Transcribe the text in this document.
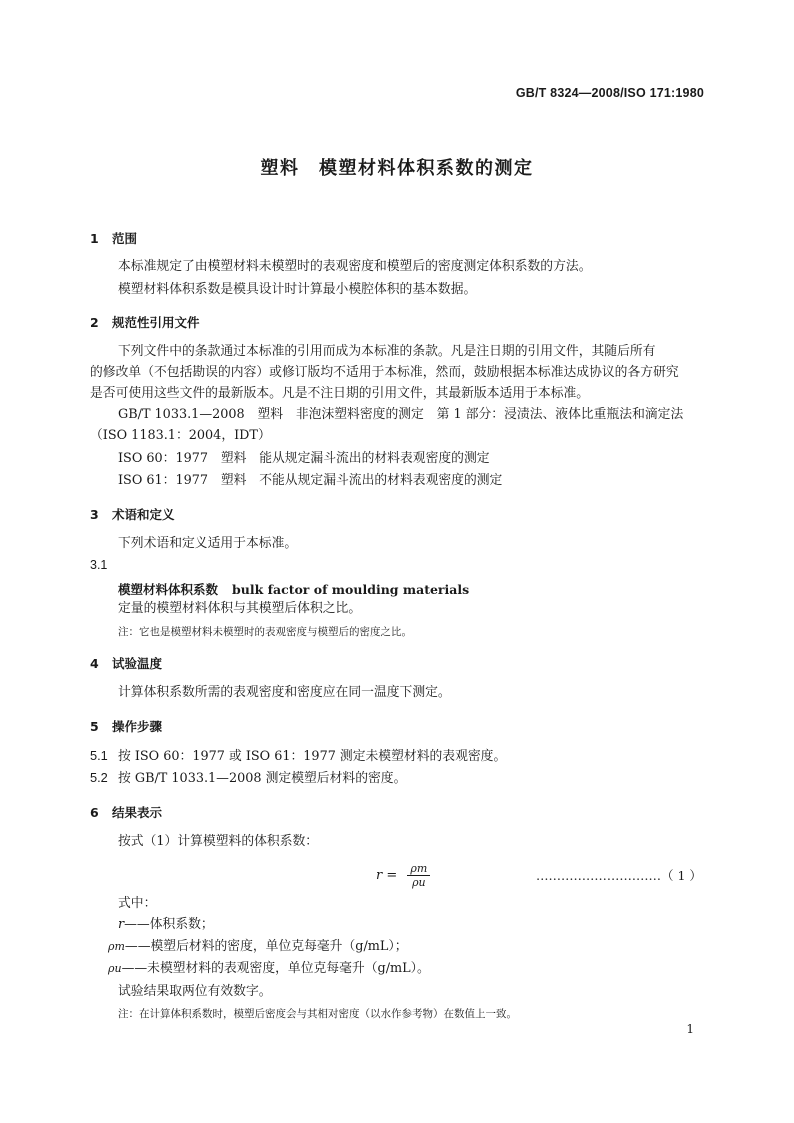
GB/T 8324—2008/ISO 171:1980
塑料　模塑材料体积系数的测定
1 范围
本标准规定了由模塑材料未模塑时的表观密度和模塑后的密度测定体积系数的方法。
模塑材料体积系数是模具设计时计算最小模腔体积的基本数据。
2 规范性引用文件
下列文件中的条款通过本标准的引用而成为本标准的条款。凡是注日期的引用文件，其随后所有
的修改单（不包括勘误的内容）或修订版均不适用于本标准，然而，鼓励根据本标准达成协议的各方研究
是否可使用这些文件的最新版本。凡是不注日期的引用文件，其最新版本适用于本标准。
GB/T 1033.1—2008　塑料　非泡沫塑料密度的测定　第 1 部分：浸渍法、液体比重瓶法和滴定法
（ISO 1183.1：2004，IDT）
ISO 60：1977　塑料　能从规定漏斗流出的材料表观密度的测定
ISO 61：1977　塑料　不能从规定漏斗流出的材料表观密度的测定
3 术语和定义
下列术语和定义适用于本标准。
3.1
模塑材料体积系数 bulk factor of moulding materials
定量的模塑材料体积与其模塑后体积之比。
注：它也是模塑材料未模塑时的表观密度与模塑后的密度之比。
4 试验温度
计算体积系数所需的表观密度和密度应在同一温度下测定。
5 操作步骤
5.1 按 ISO 60：1977 或 ISO 61：1977 测定未模塑材料的表观密度。
5.2 按 GB/T 1033.1—2008 测定模塑后材料的密度。
6 结果表示
按式（1）计算模塑料的体积系数：
$r = \frac{\rho m}{\rho u}$	…………………………（ 1 ）
式中：
r——体积系数；
ρm——模塑后材料的密度，单位克每毫升（g/mL）；
ρu——未模塑材料的表观密度，单位克每毫升（g/mL）。
试验结果取两位有效数字。
注：在计算体积系数时，模塑后密度会与其相对密度（以水作参考物）在数值上一致。
1
